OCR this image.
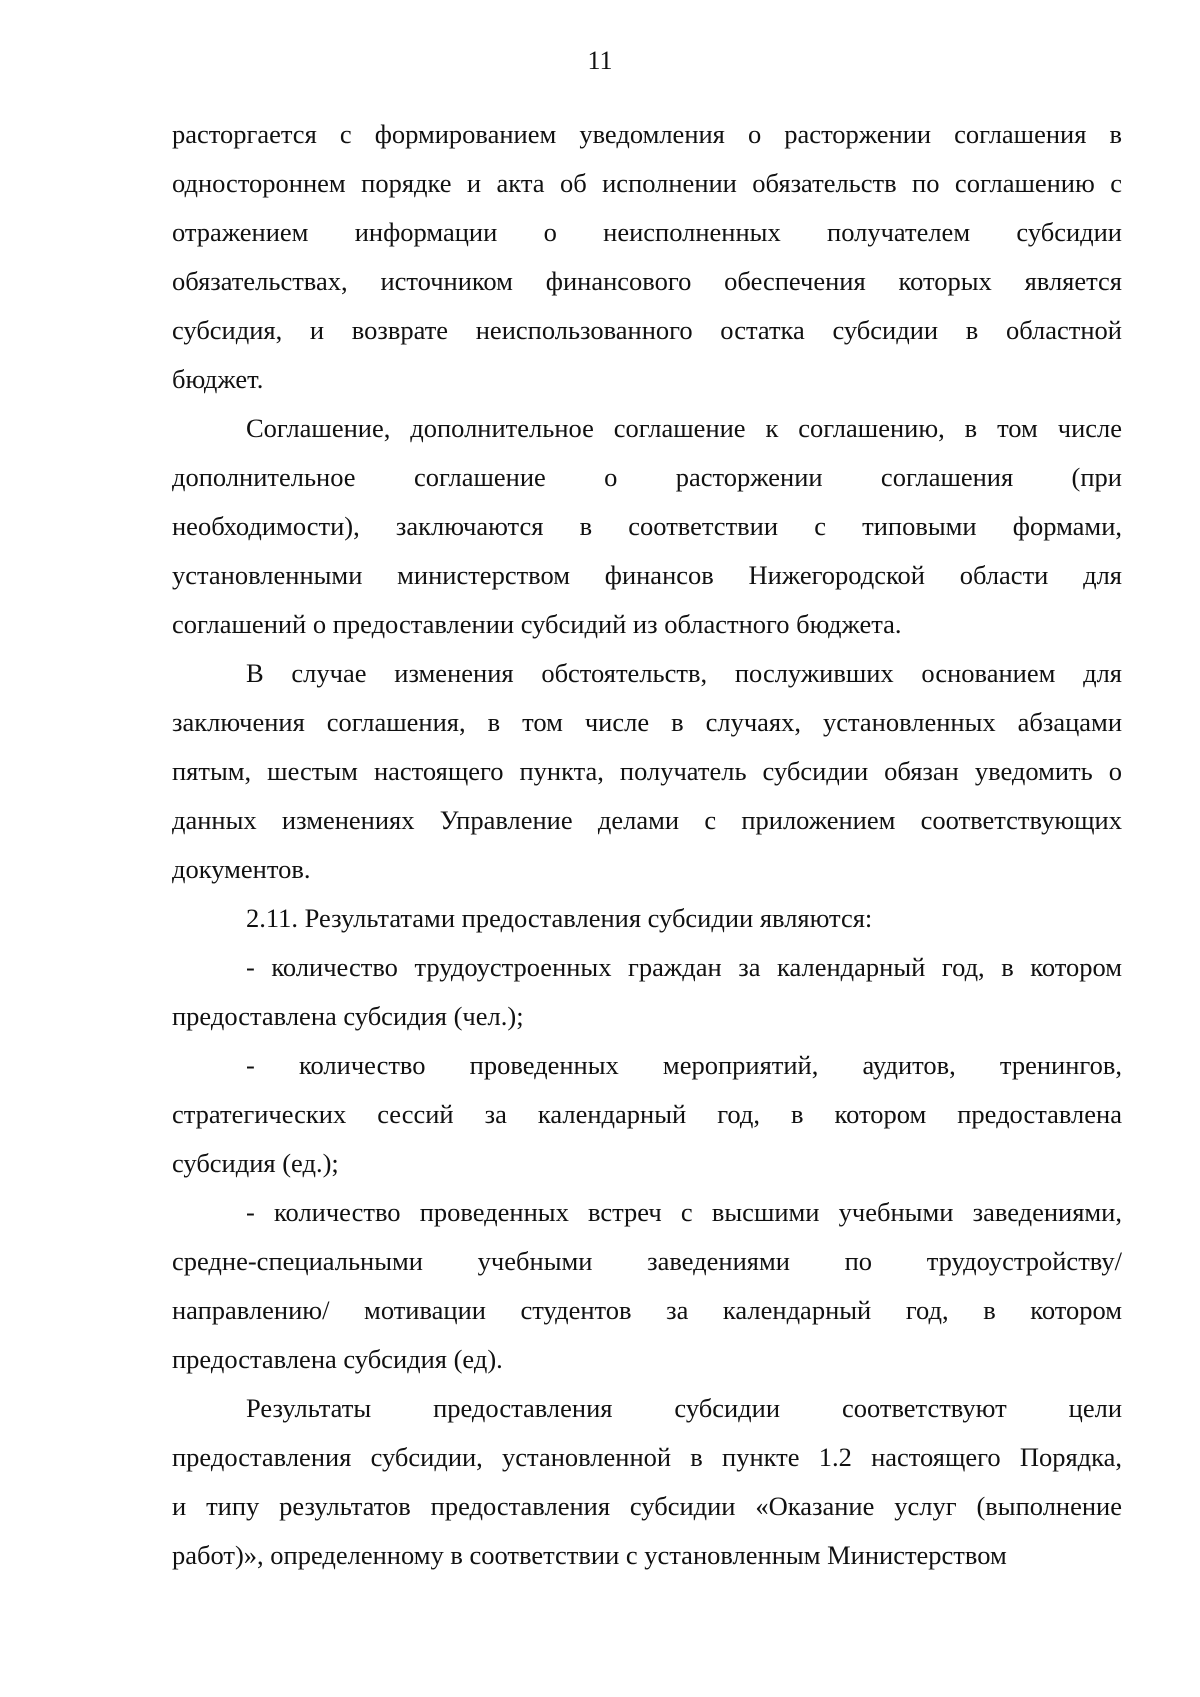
11

расторгается с формированием уведомления о расторжении соглашения в
одностороннем порядке и акта об исполнении обязательств по соглашению с
отражением информации о неисполненных получателем субсидии
обязательствах, источником финансового обеспечения которых является
субсидия, и возврате неиспользованного остатка субсидии в областной
бюджет.

Соглашение, дополнительное соглашение к соглашению, в том числе
дополнительное соглашение о расторжении соглашения (при
необходимости), заключаются в соответствии с типовыми формами,
установленными министерством финансов Нижегородской области для
соглашений о предоставлении субсидий из областного бюджета.

В случае изменения обстоятельств, послуживших основанием для
заключения соглашения, в том числе в случаях, установленных абзацами
пятым, шестым настоящего пункта, получатель субсидии обязан уведомить о
данных изменениях Управление делами с приложением соответствующих
документов.

2.11. Результатами предоставления субсидии являются:

- количество трудоустроенных граждан за календарный год, в котором
предоставлена субсидия (чел.);

- количество проведенных мероприятий, аудитов, тренингов,
стратегических сессий за календарный год, в котором предоставлена
субсидия (ед.);

- количество проведенных встреч с высшими учебными заведениями,
средне-специальными учебными заведениями по трудоустройству/
направлению/ мотивации студентов за календарный год, в котором
предоставлена субсидия (ед).

Результаты предоставления субсидии соответствуют цели
предоставления субсидии, установленной в пункте 1.2 настоящего Порядка,
и типу результатов предоставления субсидии «Оказание услуг (выполнение
работ)», определенному в соответствии с установленным Министерством
